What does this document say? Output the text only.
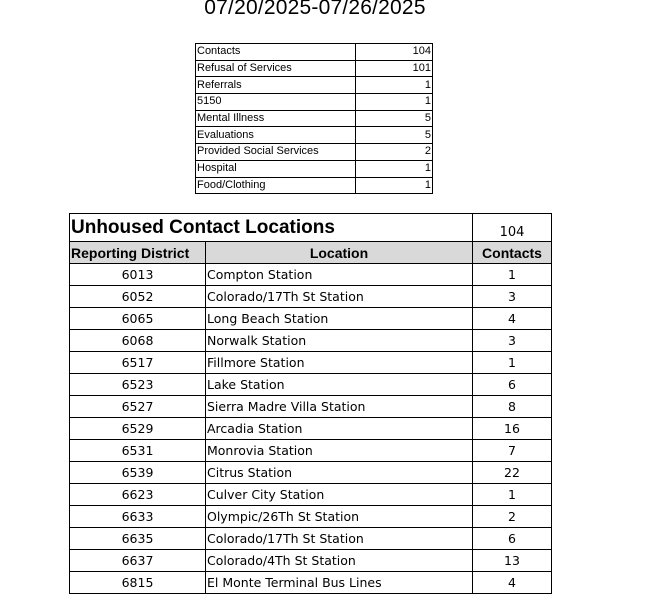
07/20/2025-07/26/2025
Contacts	104
Refusal of Services	101
Referrals	1
5150	1
Mental Illness	5
Evaluations	5
Provided Social Services	2
Hospital	1
Food/Clothing	1
Unhoused Contact Locations		104
Reporting District	Location	Contacts
6013	Compton Station	1
6052	Colorado/17Th St Station	3
6065	Long Beach Station	4
6068	Norwalk Station	3
6517	Fillmore Station	1
6523	Lake Station	6
6527	Sierra Madre Villa Station	8
6529	Arcadia Station	16
6531	Monrovia Station	7
6539	Citrus Station	22
6623	Culver City Station	1
6633	Olympic/26Th St Station	2
6635	Colorado/17Th St Station	6
6637	Colorado/4Th St Station	13
6815	El Monte Terminal Bus Lines	4
